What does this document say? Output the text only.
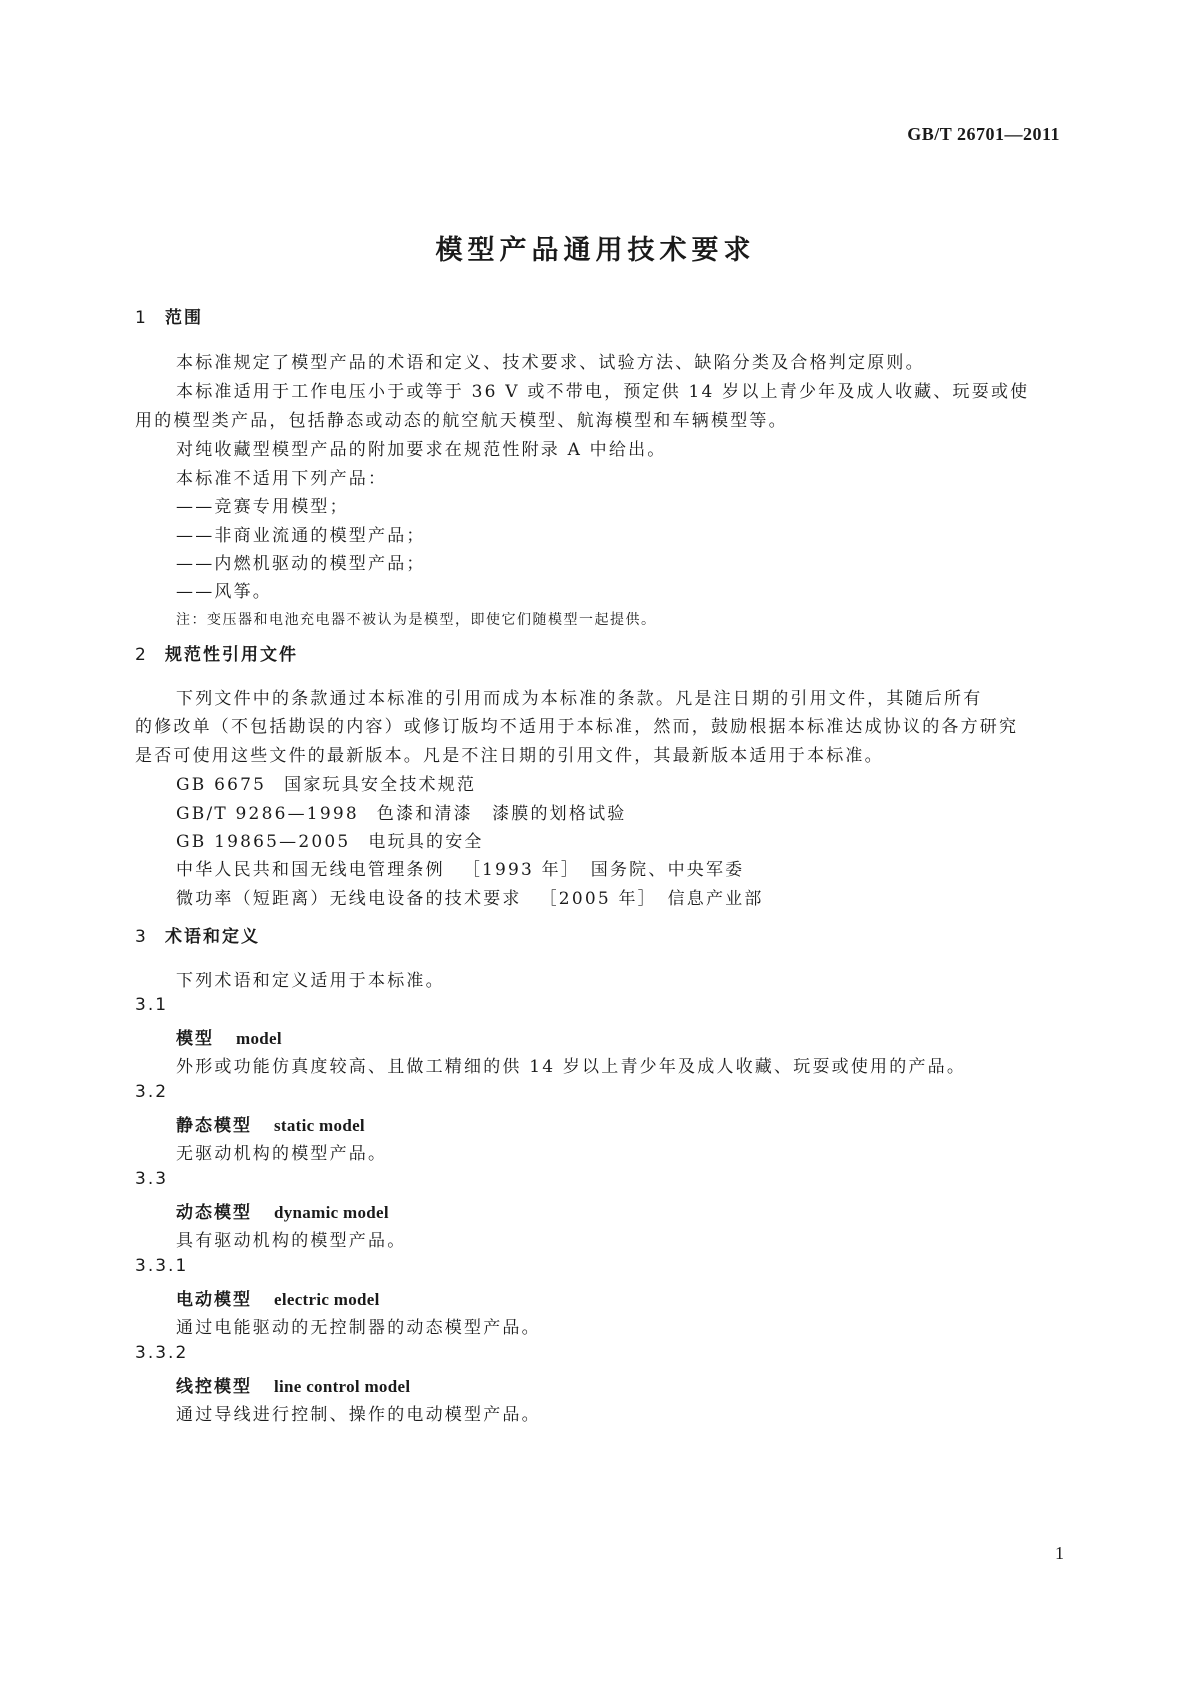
GB/T 26701—2011
模型产品通用技术要求
1 范围
本标准规定了模型产品的术语和定义、技术要求、试验方法、缺陷分类及合格判定原则。
本标准适用于工作电压小于或等于 36 V 或不带电，预定供 14 岁以上青少年及成人收藏、玩耍或使
用的模型类产品，包括静态或动态的航空航天模型、航海模型和车辆模型等。
对纯收藏型模型产品的附加要求在规范性附录 A 中给出。
本标准不适用下列产品：
——竞赛专用模型；
——非商业流通的模型产品；
——内燃机驱动的模型产品；
——风筝。
注：变压器和电池充电器不被认为是模型，即使它们随模型一起提供。
2 规范性引用文件
下列文件中的条款通过本标准的引用而成为本标准的条款。凡是注日期的引用文件，其随后所有
的修改单（不包括勘误的内容）或修订版均不适用于本标准，然而，鼓励根据本标准达成协议的各方研究
是否可使用这些文件的最新版本。凡是不注日期的引用文件，其最新版本适用于本标准。
GB 6675 国家玩具安全技术规范
GB/T 9286—1998 色漆和清漆　漆膜的划格试验
GB 19865—2005 电玩具的安全
中华人民共和国无线电管理条例 ［1993 年］　国务院、中央军委
微功率（短距离）无线电设备的技术要求 ［2005 年］　信息产业部
3 术语和定义
下列术语和定义适用于本标准。
3.1
模型 model
外形或功能仿真度较高、且做工精细的供 14 岁以上青少年及成人收藏、玩耍或使用的产品。
3.2
静态模型 static model
无驱动机构的模型产品。
3.3
动态模型 dynamic model
具有驱动机构的模型产品。
3.3.1
电动模型 electric model
通过电能驱动的无控制器的动态模型产品。
3.3.2
线控模型 line control model
通过导线进行控制、操作的电动模型产品。
1
